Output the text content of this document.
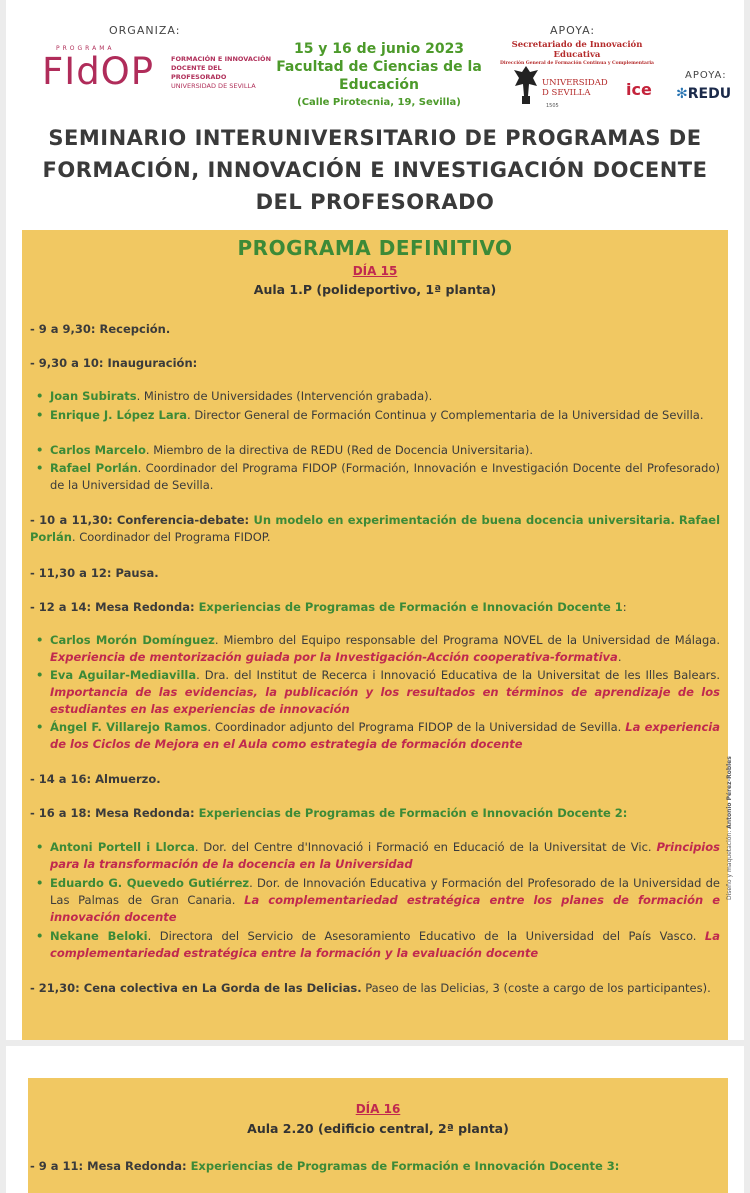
ORGANIZA:
PROGRAMA
FIdOP	FORMACIÓN E INNOVACIÓN
DOCENTE DEL PROFESORADO
UNIVERSIDAD DE SEVILLA
15 y 16 de junio 2023
Facultad de Ciencias de la
Educación
(Calle Pirotecnia, 19, Sevilla)
APOYA:
Secretariado de Innovación Educativa
Dirección General de Formación Continua y Complementaria
UNIVERSIDAD
D SEVILLA
1505
ice
APOYA:
✻REDU
SEMINARIO INTERUNIVERSITARIO DE PROGRAMAS DE
FORMACIÓN, INNOVACIÓN E INVESTIGACIÓN DOCENTE
DEL PROFESORADO
PROGRAMA DEFINITIVO
DÍA 15
Aula 1.P (polideportivo, 1ª planta)
- 9 a 9,30: Recepción.
- 9,30 a 10: Inauguración:
• Joan Subirats. Ministro de Universidades (Intervención grabada).
• Enrique J. López Lara. Director General de Formación Continua y Complementaria de la Universidad de Sevilla.
• Carlos Marcelo. Miembro de la directiva de REDU (Red de Docencia Universitaria).
• Rafael Porlán. Coordinador del Programa FIDOP (Formación, Innovación e Investigación Docente del Profesorado) de la Universidad de Sevilla.
- 10 a 11,30: Conferencia-debate: Un modelo en experimentación de buena docencia universitaria. Rafael Porlán. Coordinador del Programa FIDOP.
- 11,30 a 12: Pausa.
- 12 a 14: Mesa Redonda: Experiencias de Programas de Formación e Innovación Docente 1:
• Carlos Morón Domínguez. Miembro del Equipo responsable del Programa NOVEL de la Universidad de Málaga. Experiencia de mentorización guiada por la Investigación-Acción cooperativa-formativa.
• Eva Aguilar-Mediavilla. Dra. del Institut de Recerca i Innovació Educativa de la Universitat de les Illes Balears. Importancia de las evidencias, la publicación y los resultados en términos de aprendizaje de los estudiantes en las experiencias de innovación
• Ángel F. Villarejo Ramos. Coordinador adjunto del Programa FIDOP de la Universidad de Sevilla. La experiencia de los Ciclos de Mejora en el Aula como estrategia de formación docente
- 14 a 16: Almuerzo.
- 16 a 18: Mesa Redonda: Experiencias de Programas de Formación e Innovación Docente 2:
• Antoni Portell i Llorca. Dor. del Centre d'Innovació i Formació en Educació de la Universitat de Vic. Principios para la transformación de la docencia en la Universidad
• Eduardo G. Quevedo Gutiérrez. Dor. de Innovación Educativa y Formación del Profesorado de la Universidad de Las Palmas de Gran Canaria. La complementariedad estratégica entre los planes de formación e innovación docente
• Nekane Beloki. Directora del Servicio de Asesoramiento Educativo de la Universidad del País Vasco. La complementariedad estratégica entre la formación y la evaluación docente
- 21,30: Cena colectiva en La Gorda de las Delicias. Paseo de las Delicias, 3 (coste a cargo de los participantes).
Diseño y maquetación: Antonio Pérez-Robles
DÍA 16
Aula 2.20 (edificio central, 2ª planta)
- 9 a 11: Mesa Redonda: Experiencias de Programas de Formación e Innovación Docente 3:
